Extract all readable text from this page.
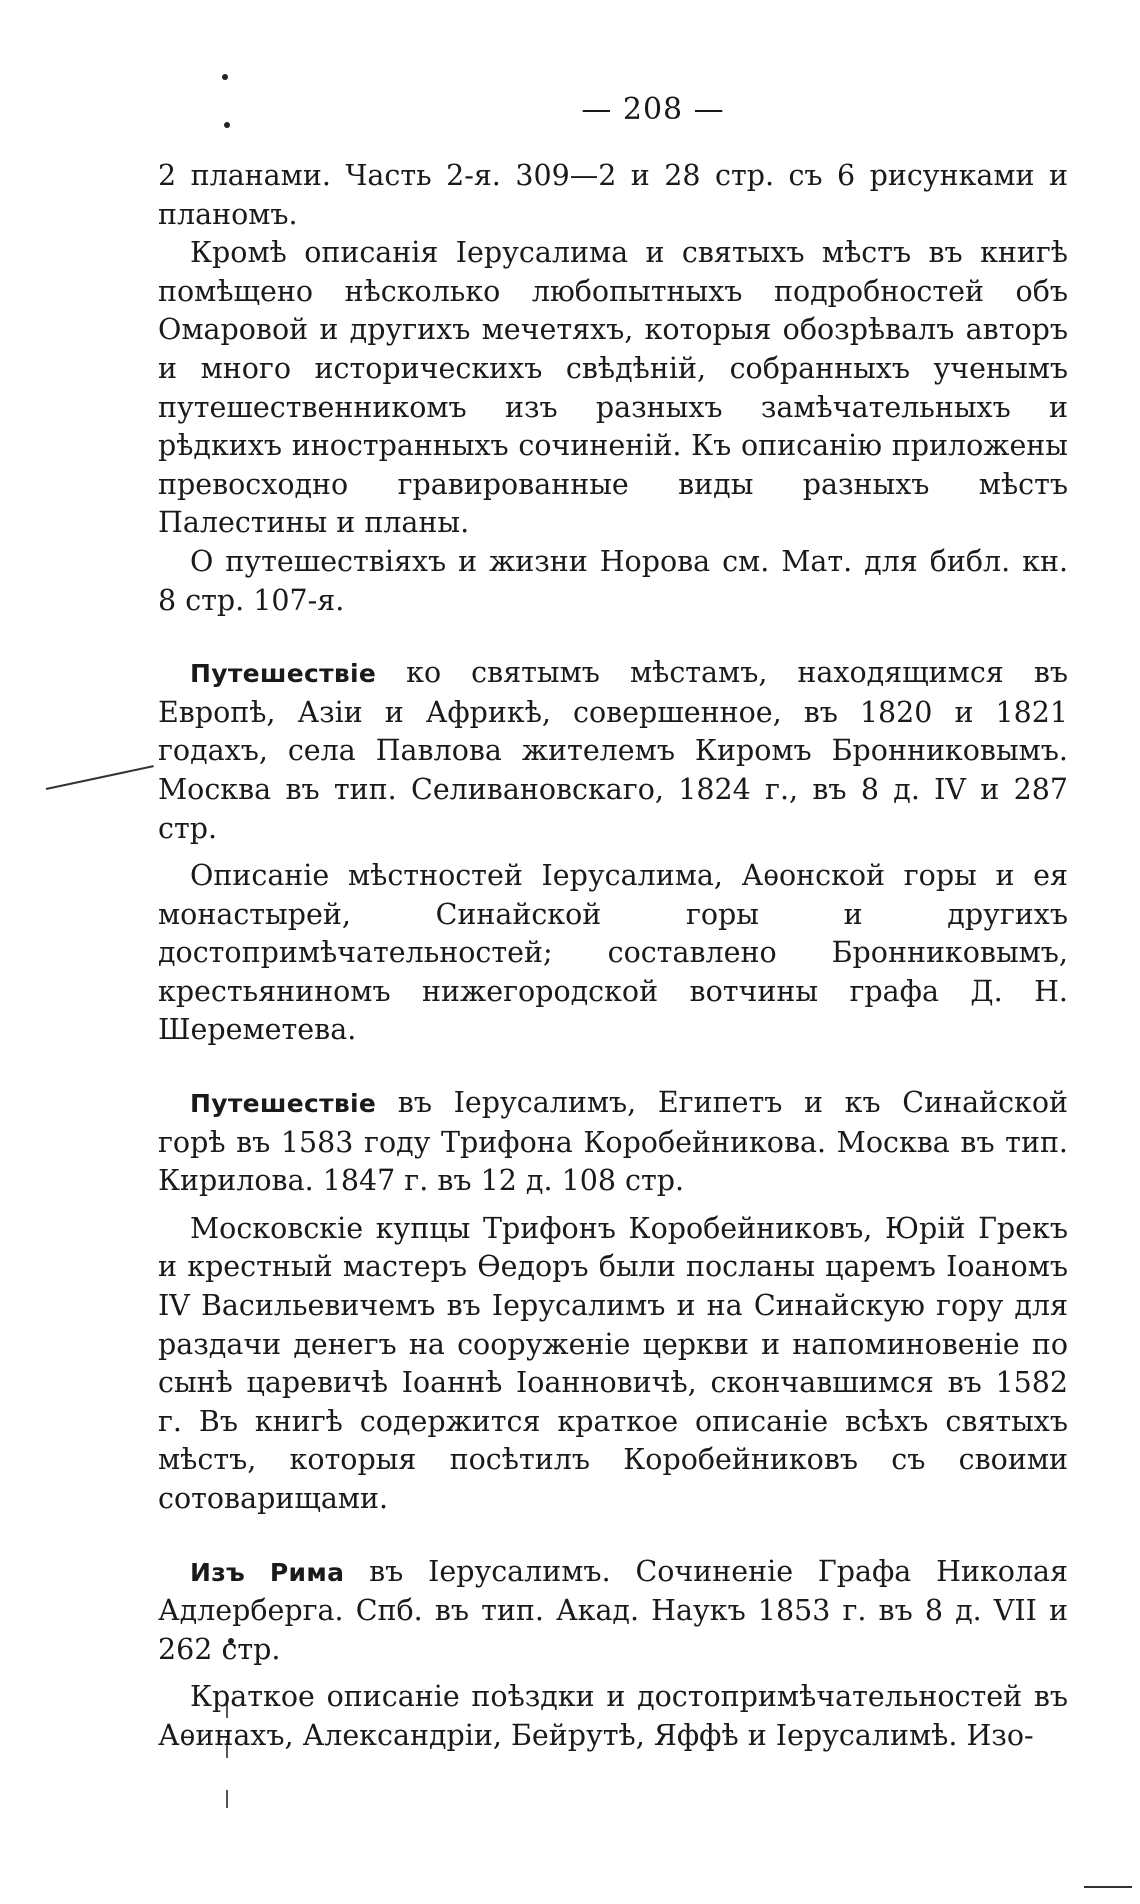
— 208 —

2 планами. Часть 2-я. 309—2 и 28 стр. съ 6 рисунками и планомъ.

Кромѣ описанія Іерусалима и святыхъ мѣстъ въ книгѣ помѣщено нѣсколько любопытныхъ подробностей объ Омаровой и другихъ мечетяхъ, которыя обозрѣвалъ авторъ и много историческихъ свѣдѣній, собранныхъ ученымъ путешественникомъ изъ разныхъ замѣчательныхъ и рѣдкихъ иностранныхъ сочиненій. Къ описанію приложены превосходно гравированные виды разныхъ мѣстъ Палестины и планы.

О путешествіяхъ и жизни Норова см. Мат. для библ. кн. 8 стр. 107-я.

Путешествіе ко святымъ мѣстамъ, находящимся въ Европѣ, Азіи и Африкѣ, совершенное, въ 1820 и 1821 годахъ, села Павлова жителемъ Киромъ Бронниковымъ. Москва въ тип. Селивановскаго, 1824 г., въ 8 д. IV и 287 стр.

Описаніе мѣстностей Іерусалима, Аѳонской горы и ея монастырей, Синайской горы и другихъ достопримѣчательностей; составлено Бронниковымъ, крестьяниномъ нижегородской вотчины графа Д. Н. Шереметева.

Путешествіе въ Іерусалимъ, Египетъ и къ Синайской горѣ въ 1583 году Трифона Коробейникова. Москва въ тип. Кирилова. 1847 г. въ 12 д. 108 стр.

Московскіе купцы Трифонъ Коробейниковъ, Юрій Грекъ и крестный мастеръ Ѳедоръ были посланы царемъ Іоаномъ IV Васильевичемъ въ Іерусалимъ и на Синайскую гору для раздачи денегъ на сооруженіе церкви и напоминовеніе по сынѣ царевичѣ Іоаннѣ Іоанновичѣ, скончавшимся въ 1582 г. Въ книгѣ содержится краткое описаніе всѣхъ святыхъ мѣстъ, которыя посѣтилъ Коробейниковъ съ своими сотоварищами.

Изъ Рима въ Іерусалимъ. Сочиненіе Графа Николая Адлерберга. Спб. въ тип. Акад. Наукъ 1853 г. въ 8 д. VII и 262 стр.

Краткое описаніе поѣздки и достопримѣчательностей въ Аѳинахъ, Александріи, Бейрутѣ, Яффѣ и Іерусалимѣ. Изо-
